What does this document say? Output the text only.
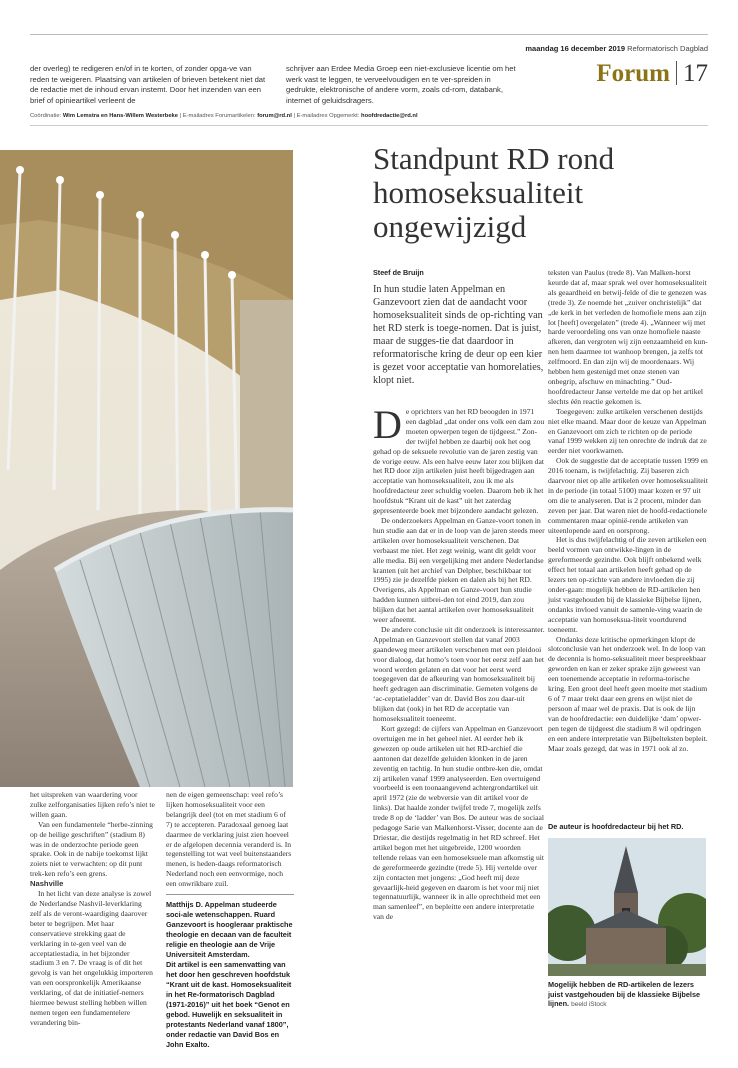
maandag 16 december 2019 Reformatorisch Dagblad
Forum 17
der overleg) te redigeren en/of in te korten, of zonder opga-ve van reden te weigeren. Plaatsing van artikelen of brieven betekent niet dat de redactie met de inhoud ervan instemt. Door het inzenden van een brief of opinieartikel verleent de
schrijver aan Erdee Media Groep een niet-exclusieve licentie om het werk vast te leggen, te verveelvoudigen en te ver-spreiden in gedrukte, elektronische of andere vorm, zoals cd-rom, databank, internet of geluidsdragers.
Coördinatie: Wim Lemstra en Hans-Willem Westerbeke | E-mailadres Forumartikelen: forum@rd.nl | E-mailadres Opgemerkt: hoofdredactie@rd.nl
Standpunt RD rond homoseksualiteit ongewijzigd
Steef de Bruijn
In hun studie laten Appelman en Ganzevoort zien dat de aandacht voor homoseksualiteit sinds de op-richting van het RD sterk is toege-nomen. Dat is juist, maar de sugges-tie dat daardoor in reformatorische kring de deur op een kier is gezet voor acceptatie van homorelaties, klopt niet.

De oprichters van het RD beoogden in 1971 een dagblad „dat onder ons volk een dam zou moeten opwerpen tegen de tijdgeest.” Zon-der twijfel hebben ze daarbij ook het oog gehad op de seksuele revolutie van de jaren zestig van de vorige eeuw. Als een halve eeuw later zou blijken dat het RD door zijn artikelen juist heeft bijgedragen aan acceptatie van homoseksualiteit, zou ik me als hoofdredacteur zeer schuldig voelen. Daarom heb ik het hoofdstuk “Krant uit de kast” uit het zaterdag gepresenteerde boek met bijzondere aandacht gelezen.

De onderzoekers Appelman en Ganze-voort tonen in hun studie aan dat er in de loop van de jaren steeds meer artikelen over homoseksualiteit verschenen. Dat verbaast me niet. Het zegt weinig, want dit geldt voor alle media. Bij een vergelijking met andere Nederlandse kranten (uit het archief van Delpher, beschikbaar tot 1995) zie je dezelfde pieken en dalen als bij het RD. Overigens, als Appelman en Ganze-voort hun studie hadden kunnen uitbrei-den tot eind 2019, dan zou blijken dat het aantal artikelen over homoseksualiteit weer afneemt.

De andere conclusie uit dit onderzoek is interessanter. Appelman en Ganzevoort stellen dat vanaf 2003 gaandeweg meer artikelen verschenen met een pleidooi voor dialoog, dat homo’s toen voor het eerst zelf aan het woord werden gelaten en dat voor het eerst werd toegegeven dat de afkeuring van homoseksualiteit bij heeft gedragen aan discriminatie. Gemeten volgens de ‘ac-ceptatieladder’ van dr. David Bos zou daar-uit blijken dat (ook) in het RD de acceptatie van homoseksualiteit toeneemt.

Kort gezegd: de cijfers van Appelman en Ganzevoort overtuigen me in het geheel niet. Al eerder heb ik gewezen op oude artikelen uit het RD-archief die aantonen dat dezelfde geluiden klonken in de jaren zeventig en tachtig. In hun studie ontbre-ken die, omdat zij artikelen vanaf 1999 analyseerden. Een overtuigend voorbeeld is een toonaangevend achtergrondartikel uit april 1972 (zie de webversie van dit artikel voor de links). Dat haalde zonder twijfel trede 7, mogelijk zelfs trede 8 op de ‘ladder’ van Bos. De auteur was de sociaal pedagoge Sarie van Malkenhorst-Visser, docente aan de Driestar, die destijds regelmatig in het RD schreef. Het artikel begon met het uitgebreide, 1200 woorden tellende relaas van een homoseksuele man afkomstig uit de gereformeerde gezindte (trede 5). Hij vertelde over zijn contacten met jongens: „God heeft mij deze gevaarlijk-heid gegeven en daarom is het voor mij niet tegennatuurlijk, wanneer ik in alle oprechtheid met een man samenleef”, en bepleitte een andere interpretatie van de

teksten van Paulus (trede 8). Van Malken-horst keurde dat af, maar sprak wel over homoseksualiteit als geaardheid en betwij-felde of die te genezen was (trede 3). Ze noemde het „zuiver onchristelijk” dat „de kerk in het verleden de homofiele mens aan zijn lot [heeft] overgelaten” (trede 4). „Wanneer wij met harde veroordeling ons van onze homofiele naaste afkeren, dan vergroten wij zijn eenzaamheid en kun-nen hem daarmee tot wanhoop brengen, ja zelfs tot zelfmoord. En dan zijn wij de moordenaars. Wij hebben hem gestenigd met onze stenen van onbegrip, afschuw en minachting.” Oud-hoofdredacteur Janse vertelde me dat op het artikel slechts één reactie gekomen is.

Toegegeven: zulke artikelen verschenen destijds niet elke maand. Maar door de keuze van Appelman en Ganzevoort om zich te richten op de periode vanaf 1999 wekken zij ten onrechte de indruk dat ze eerder niet voorkwamen.

Ook de suggestie dat de acceptatie tussen 1999 en 2016 toenam, is twijfelachtig. Zij baseren zich daarvoor niet op alle artikelen over homoseksualiteit in de periode (in totaal 5100) maar kozen er 97 uit om die te analyseren. Dat is 2 procent, minder dan zeven per jaar. Dat waren niet de hoofd-redactionele commentaren maar opinië-rende artikelen van uiteenlopende aard en oorsprong.

Het is dus twijfelachtig of die zeven artikelen een beeld vormen van ontwikke-lingen in de gereformeerde gezindte. Ook blijft onbekend welk effect het totaal aan artikelen heeft gehad op de lezers ten op-zichte van andere invloeden die zij onder-gaan: mogelijk hebben de RD-artikelen hen juist vastgehouden bij de klassieke Bijbelse lijnen, ondanks invloed vanuit de samenle-ving waarin de acceptatie van homoseksua-liteit voortdurend toeneemt.

Ondanks deze kritische opmerkingen klopt de slotconclusie van het onderzoek wel. In de loop van de decennia is homo-seksualiteit meer bespreekbaar geworden en kan er zeker sprake zijn geweest van een toenemende acceptatie in reforma-torische kring. Een groot deel heeft geen moeite met stadium 6 of 7 maar trekt daar een grens en wijst niet de persoon af maar wel de praxis. Dat is ook de lijn van de hoofdredactie: een duidelijke ‘dam’ opwer-pen tegen de tijdgeest die stadium 8 wil opdringen en een andere interpretatie van Bijbelteksten bepleit. Maar zoals gezegd, dat was in 1971 ook al zo.

het uitspreken van waardering voor zulke zelforganisaties lijken refo’s niet te willen gaan.

Van een fundamentele “herbe-zinning op de heilige geschriften” (stadium 8) was in de onderzochte periode geen sprake. Ook in de nabije toekomst lijkt zoiets niet te verwachten: op dit punt trek-ken refo’s een grens.

Nashville

In het licht van deze analyse is zowel de Nederlandse Nashvil-leverklaring zelf als de veront-waardiging daarover beter te begrijpen. Met haar conservatieve strekking gaat de verklaring in te-gen veel van de acceptatiestadia, in het bijzonder stadium 3 en 7. De vraag is of dit het gevolg is van het ongelukkig importeren van een oorspronkelijk Amerikaanse verklaring, of dat de initiatief-nemers hiermee bewust stelling hebben willen nemen tegen een fundamentelere verandering bin-

nen de eigen gemeenschap: veel refo’s lijken homoseksualiteit voor een belangrijk deel (tot en met stadium 6 of 7) te accepteren. Paradoxaal genoeg laat daarmee de verklaring juist zien hoeveel er de afgelopen decennia veranderd is. In tegenstelling tot wat veel buitenstaanders menen, is heden-daags reformatorisch Nederland noch een eenvormige, noch een onwrikbare zuil.

Matthijs D. Appelman studeerde soci-ale wetenschappen. Ruard Ganzevoort is hoogleraar praktische theologie en decaan van de faculteit religie en theologie aan de Vrije Universiteit Amsterdam.
Dit artikel is een samenvatting van het door hen geschreven hoofdstuk “Krant uit de kast. Homoseksualiteit in het Re-formatorisch Dagblad (1971-2016)” uit het boek “Genot en gebod. Huwelijk en seksualiteit in protestants Nederland vanaf 1800”, onder redactie van David Bos en John Exalto.
De auteur is hoofdredacteur bij het RD.
Mogelijk hebben de RD-artikelen de lezers juist vastgehouden bij de klassieke Bijbelse lijnen. beeld iStock
